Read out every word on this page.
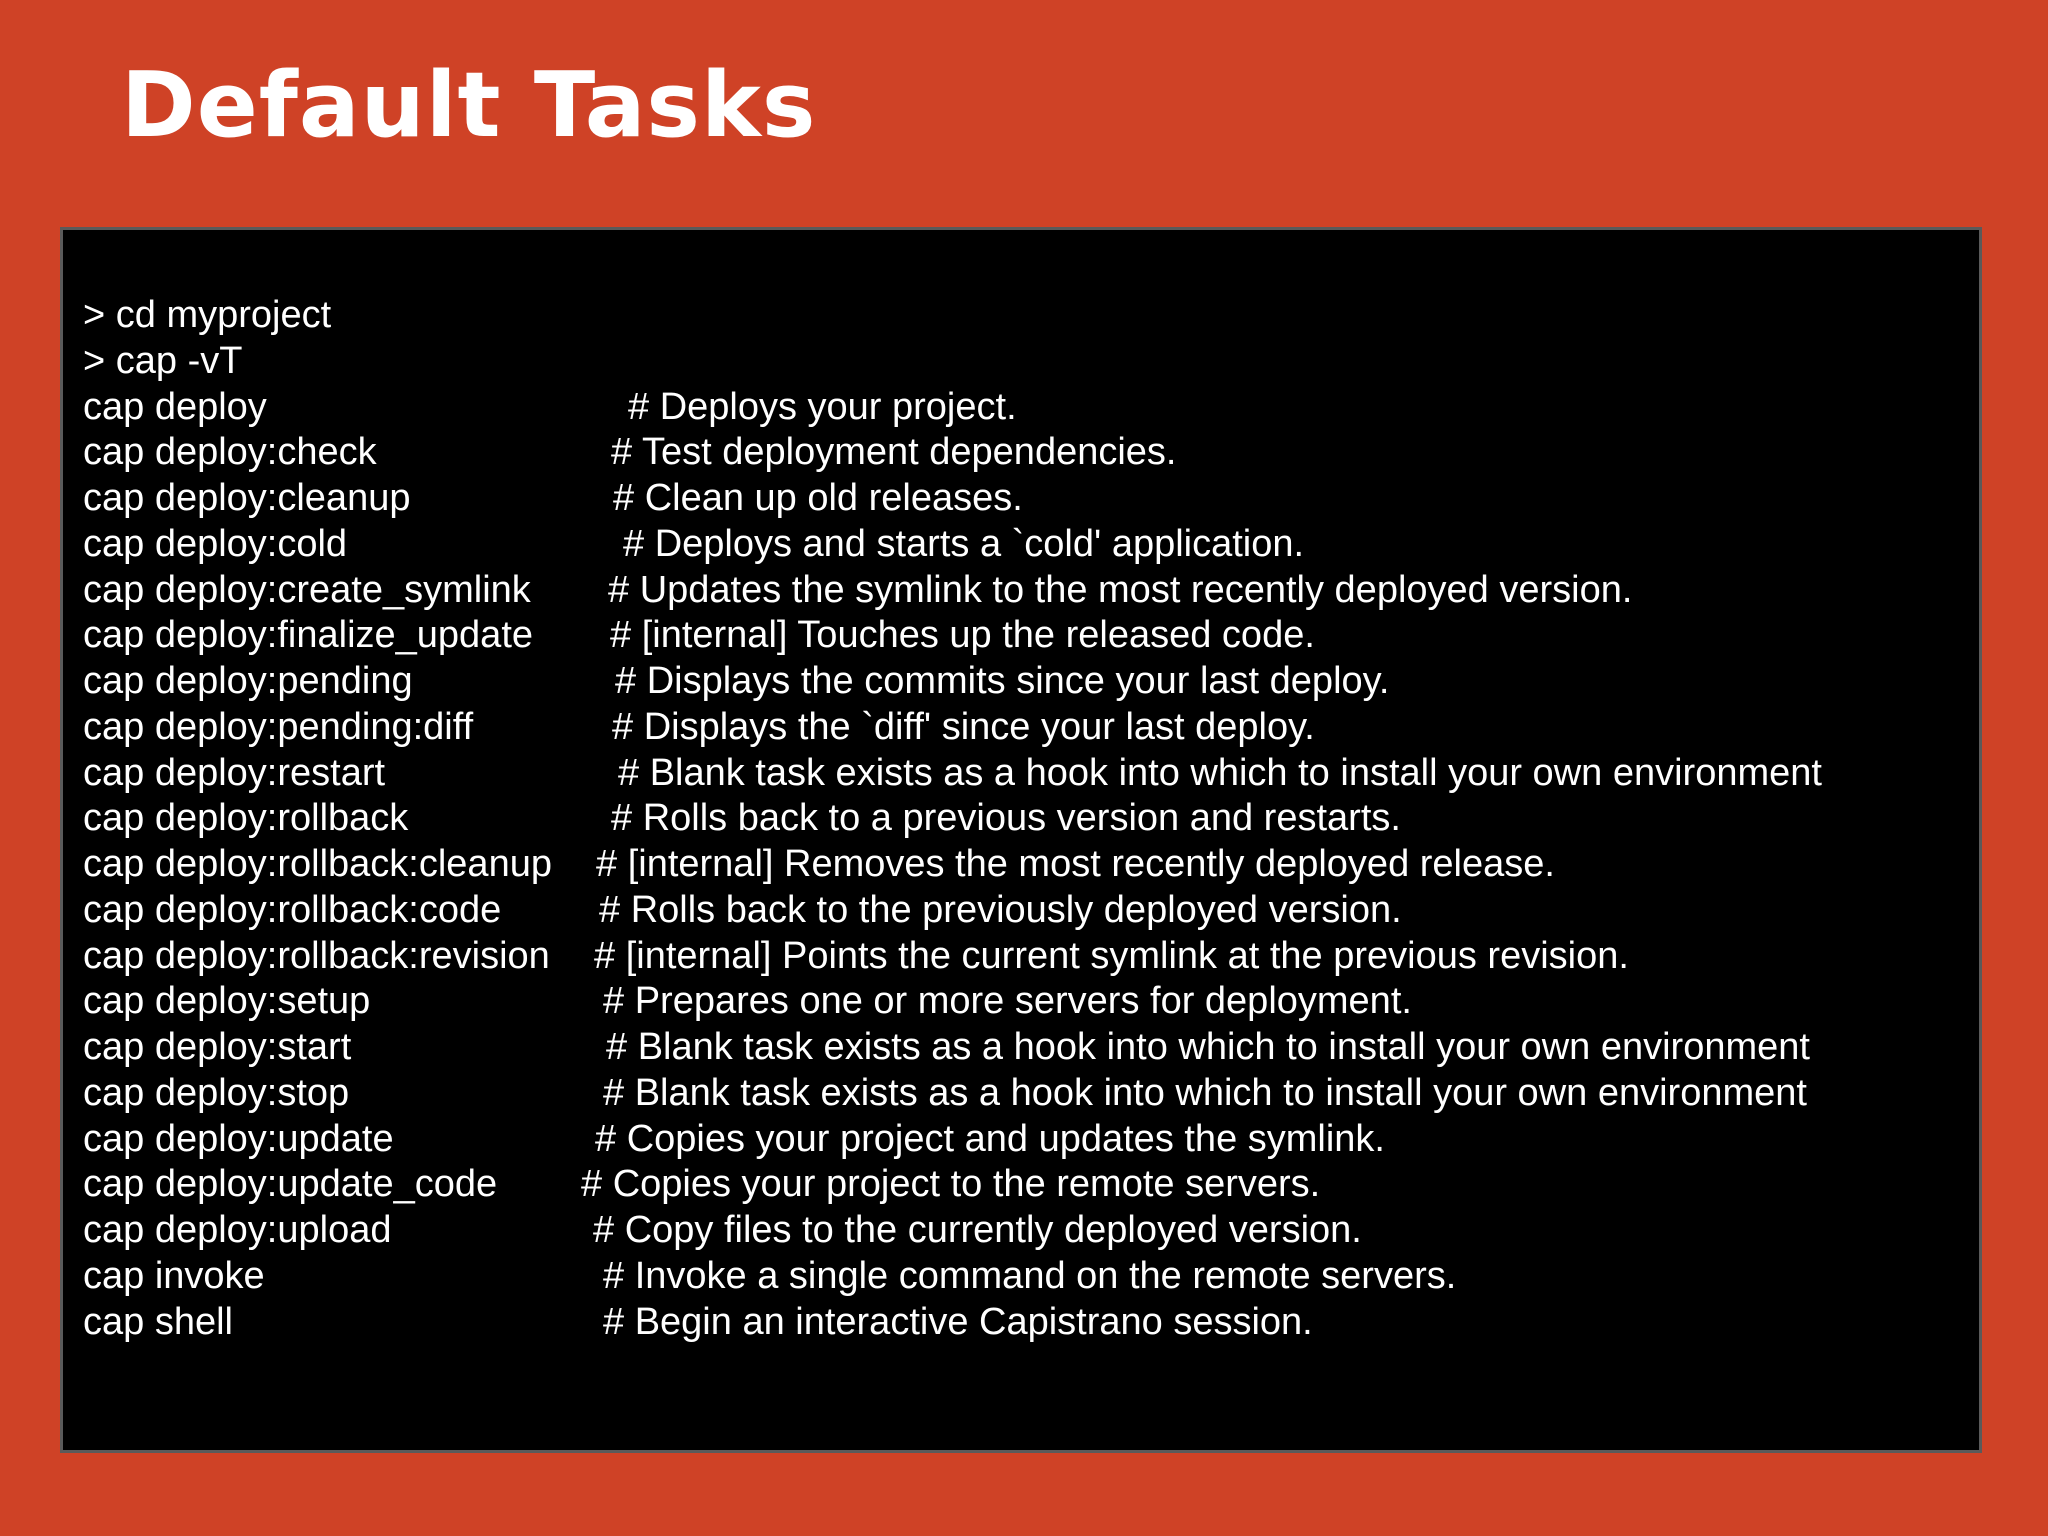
Default Tasks
> cd myproject
> cap -vT
cap deploy	# Deploys your project.
cap deploy:check	# Test deployment dependencies.
cap deploy:cleanup	# Clean up old releases.
cap deploy:cold	# Deploys and starts a `cold' application.
cap deploy:create_symlink # Updates the symlink to the most recently deployed version.
cap deploy:finalize_update # [internal] Touches up the released code.
cap deploy:pending	# Displays the commits since your last deploy.
cap deploy:pending:diff	# Displays the `diff' since your last deploy.
cap deploy:restart	# Blank task exists as a hook into which to install your own environment
cap deploy:rollback	# Rolls back to a previous version and restarts.
cap deploy:rollback:cleanup # [internal] Removes the most recently deployed release.
cap deploy:rollback:code	# Rolls back to the previously deployed version.
cap deploy:rollback:revision # [internal] Points the current symlink at the previous revision.
cap deploy:setup	# Prepares one or more servers for deployment.
cap deploy:start	# Blank task exists as a hook into which to install your own environment
cap deploy:stop	# Blank task exists as a hook into which to install your own environment
cap deploy:update	# Copies your project and updates the symlink.
cap deploy:update_code # Copies your project to the remote servers.
cap deploy:upload	# Copy files to the currently deployed version.
cap invoke	# Invoke a single command on the remote servers.
cap shell	# Begin an interactive Capistrano session.
